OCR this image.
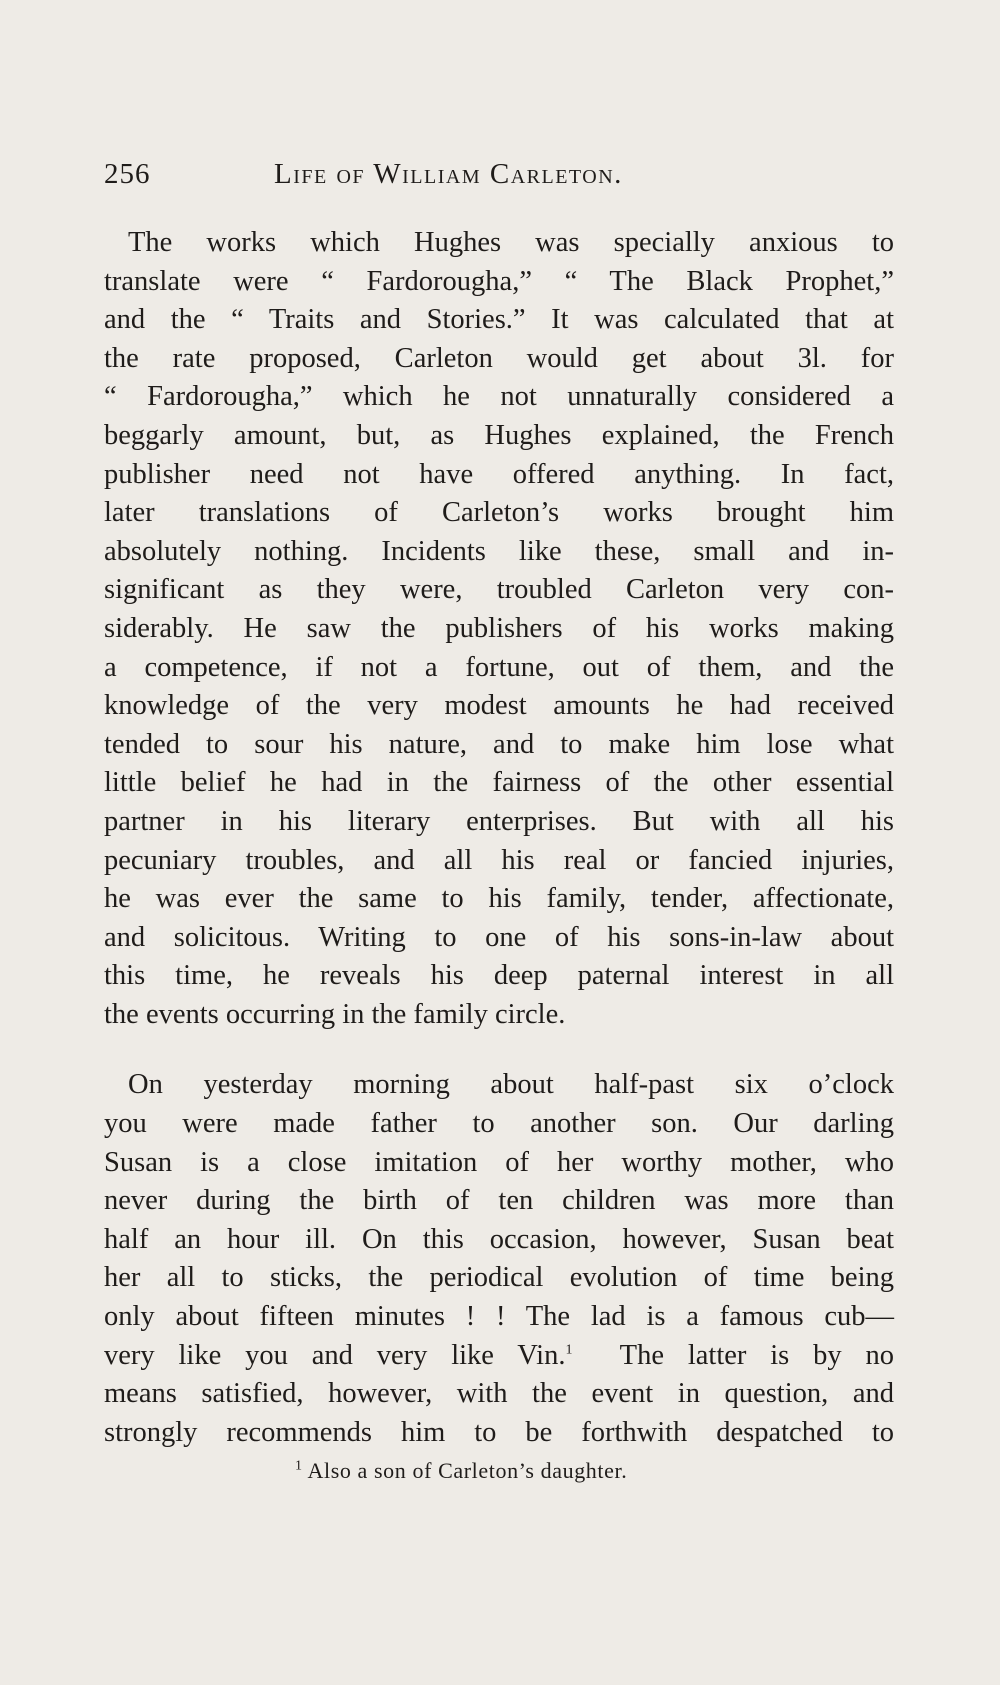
256	Life of William Carleton.
The works which Hughes was specially anxious to
translate were “ Fardorougha,” “ The Black Prophet,”
and the “ Traits and Stories.” It was calculated that at
the rate proposed, Carleton would get about 3l. for
“ Fardorougha,” which he not unnaturally considered a
beggarly amount, but, as Hughes explained, the French
publisher need not have offered anything. In fact,
later translations of Carleton’s works brought him
absolutely nothing. Incidents like these, small and in-
significant as they were, troubled Carleton very con-
siderably. He saw the publishers of his works making
a competence, if not a fortune, out of them, and the
knowledge of the very modest amounts he had received
tended to sour his nature, and to make him lose what
little belief he had in the fairness of the other essential
partner in his literary enterprises. But with all his
pecuniary troubles, and all his real or fancied injuries,
he was ever the same to his family, tender, affectionate,
and solicitous. Writing to one of his sons-in-law about
this time, he reveals his deep paternal interest in all
the events occurring in the family circle.
On yesterday morning about half-past six o’clock
you were made father to another son. Our darling
Susan is a close imitation of her worthy mother, who
never during the birth of ten children was more than
half an hour ill. On this occasion, however, Susan beat
her all to sticks, the periodical evolution of time being
only about fifteen minutes ! ! The lad is a famous cub—
very like you and very like Vin.$^1$  The latter is by no
means satisfied, however, with the event in question, and
strongly recommends him to be forthwith despatched to
$^1$ Also a son of Carleton’s daughter.
